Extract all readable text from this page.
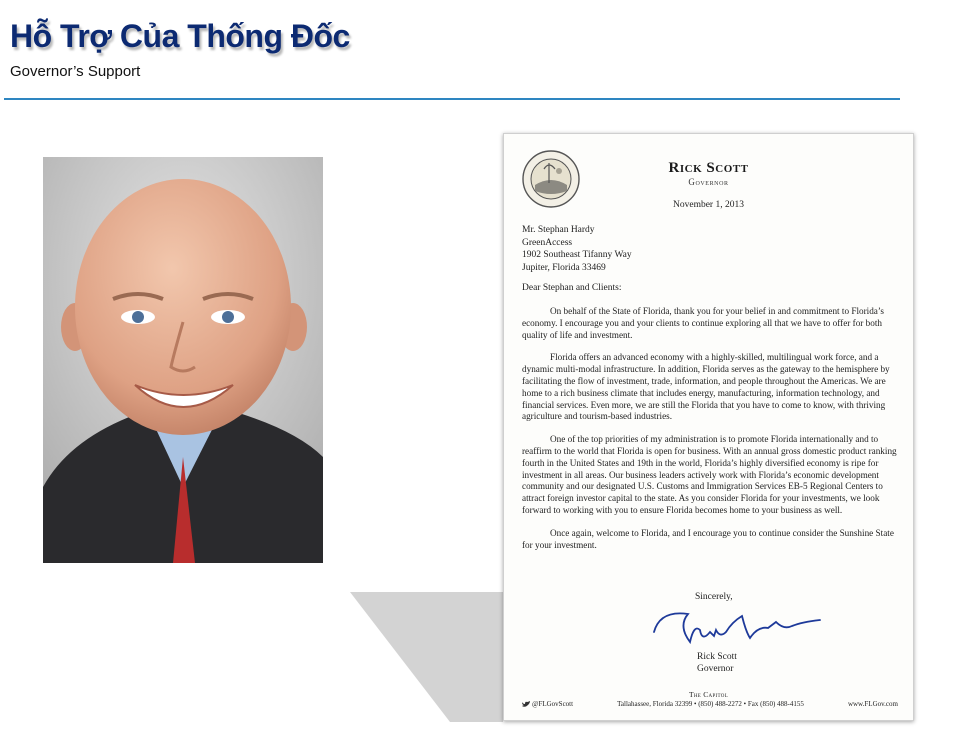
Hỗ Trợ Của Thống Đốc
Governor’s Support
Rick Scott
Governor
November 1, 2013
Mr. Stephan Hardy
GreenAccess
1902 Southeast Tifanny Way
Jupiter, Florida 33469
Dear Stephan and Clients:

On behalf of the State of Florida, thank you for your belief in and commitment to Florida’s economy. I encourage you and your clients to continue exploring all that we have to offer for both quality of life and investment.

Florida offers an advanced economy with a highly-skilled, multilingual work force, and a dynamic multi-modal infrastructure. In addition, Florida serves as the gateway to the hemisphere by facilitating the flow of investment, trade, information, and people throughout the Americas. We are home to a rich business climate that includes energy, manufacturing, information technology, and financial services. Even more, we are still the Florida that you have to come to know, with thriving agriculture and tourism-based industries.

One of the top priorities of my administration is to promote Florida internationally and to reaffirm to the world that Florida is open for business. With an annual gross domestic product ranking fourth in the United States and 19th in the world, Florida’s highly diversified economy is ripe for investment in all areas. Our business leaders actively work with Florida’s economic development community and our designated U.S. Customs and Immigration Services EB-5 Regional Centers to attract foreign investor capital to the state. As you consider Florida for your investments, we look forward to working with you to ensure Florida becomes home to your business as well.

Once again, welcome to Florida, and I encourage you to continue consider the Sunshine State for your investment.

Sincerely,
Rick Scott
Governor
The Capitol
@FLGovScott	Tallahassee, Florida 32399 • (850) 488-2272 • Fax (850) 488-4155	www.FLGov.com
